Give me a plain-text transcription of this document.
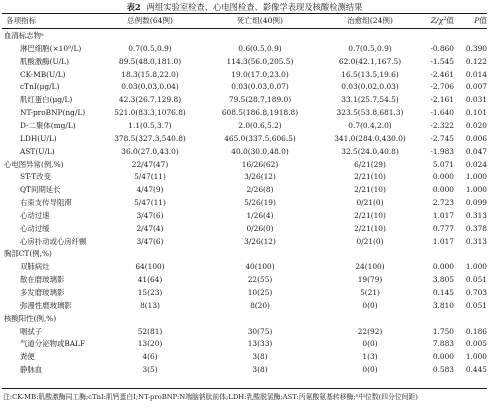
表2 两组实验室检查、心电图检查、影像学表现及核酸检测结果
各项指标	总例数(64例)	死亡组(40例)	治愈组(24例)	$Z/\chi^2$值	P值
血清标志物ᵃ
淋巴细胞(×10⁹/L)	0.7(0.5,0.9)	0.6(0.5,0.9)	0.7(0.5,0.9)	-0.860	0.390
肌酸激酶(U/L)	89.5(48.0,181.0)	114.3(56.0,205.5)	62.0(42.1,167.5)	-1.545	0.122
CK-MB(U/L)	18.3(15.8,22.0)	19.0(17.0,23.0)	16.5(13.5,19.6)	-2.461	0.014
cTnI(μg/L)	0.03(0.03,0.04)	0.03(0.03,0.07)	0.03(0.02,0.03)	-2.706	0.007
肌红蛋白(μg/L)	42.3(26.7,129.8)	79.5(28.7,189.0)	33.1(25.7,54.5)	-2.161	0.031
NT-proBNP(ng/L)	521.0(83.3,1076.8)	608.5(186.8,1918.8)	323.5(53.8,681.3)	-1.640	0.101
D-二聚体(mg/L)	1.1(0.5,3.7)	2.0(0.6,5.2)	0.7(0.4,2.0)	-2.322	0.020
LDH(U/L)	378.5(327.3,540.8)	465.0(337.5,606.5)	341.0(284.0,430.0)	-2.745	0.006
AST(U/L)	36.0(27.0,43.0)	40.0(30.0,48.0)	32.5(24.0,40.8)	-1.983	0.047
心电图异常(例,%)	22/47(47)	16/26(62)	6/21(29)	5.071	0.024
ST-T改变	5/47(11)	3/26(12)	2/21(10)	0.000	1.000
QT间期延长	4/47(9)	2/26(8)	2/21(10)	0.000	1.000
右束支传导阻滞	5/47(11)	5/26(19)	0/21(0)	2.723	0.099
心动过速	3/47(6)	1/26(4)	2/21(10)	1.017	0.313
心动过缓	2/47(4)	0/26(0)	2/21(10)	0.777	0.378
心房扑动或心房纤颤	3/47(6)	3/26(12)	0/21(0)	1.017	0.313
胸部CT(例,%)
双肺病灶	64(100)	40(100)	24(100)	0.000	1.000
散在磨玻璃影	41(64)	22(55)	19(79)	3.805	0.051
多发磨玻璃影	15(23)	10(25)	5(21)	0.145	0.703
弥漫性磨玻璃影	8(13)	8(20)	0(0)	3.810	0.051
核酸阳性(例,%)
咽拭子	52(81)	30(75)	22(92)	1.750	0.186
气道分泌物或BALF	13(20)	13(33)	0(0)	7.883	0.005
粪便	4(6)	3(8)	1(3)	0.000	1.000
静脉血	3(5)	3(8)	0(0)	0.583	0.445
注:CK-MB:肌酸激酶同工酶;cTnI:肌钙蛋白I;NT-proBNP:N端脑钠肽前体;LDH:乳酸脱氢酶;AST:丙氨酸氨基转移酶;ᵃ中位数(四分位间距)
